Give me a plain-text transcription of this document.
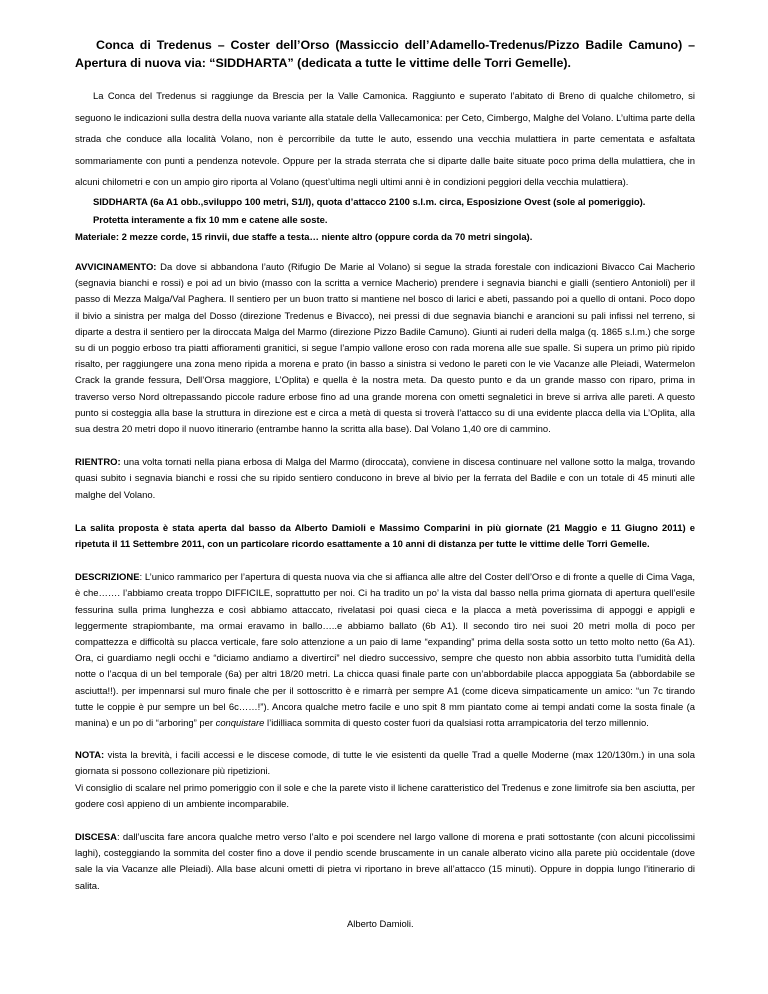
Conca di Tredenus – Coster dell’Orso (Massiccio dell’Adamello-Tredenus/Pizzo Badile Camuno) – Apertura di nuova via: “SIDDHARTA” (dedicata a tutte le vittime delle Torri Gemelle).

La Conca del Tredenus si raggiunge da Brescia per la Valle Camonica. Raggiunto e superato l’abitato di Breno di qualche chilometro, si seguono le indicazioni sulla destra della nuova variante alla statale della Vallecamonica: per Ceto, Cimbergo, Malghe del Volano. L’ultima parte della strada che conduce alla località Volano, non è percorribile da tutte le auto, essendo una vecchia mulattiera in parte cementata e asfaltata sommariamente con punti a pendenza notevole. Oppure per la strada sterrata che si diparte dalle baite situate poco prima della mulattiera, che in alcuni chilometri e con un ampio giro riporta al Volano (quest’ultima negli ultimi anni è in condizioni peggiori della vecchia mulattiera).

SIDDHARTA (6a A1 obb.,sviluppo 100 metri, S1/I), quota d’attacco 2100 s.l.m. circa, Esposizione Ovest (sole al pomeriggio).

Protetta interamente a fix 10 mm e catene alle soste.

Materiale: 2 mezze corde, 15 rinvii, due staffe a testa… niente altro (oppure corda da 70 metri singola).

AVVICINAMENTO: Da dove si abbandona l’auto (Rifugio De Marie al Volano) si segue la strada forestale con indicazioni Bivacco Cai Macherio (segnavia bianchi e rossi) e poi ad un bivio (masso con la scritta a vernice Macherio) prendere i segnavia bianchi e gialli (sentiero Antonioli) per il passo di Mezza Malga/Val Paghera. Il sentiero per un buon tratto si mantiene nel bosco di larici e abeti, passando poi a quello di ontani. Poco dopo il bivio a sinistra per malga del Dosso (direzione Tredenus e Bivacco), nei pressi di due segnavia bianchi e arancioni su pali infissi nel terreno, si diparte a destra il sentiero per la diroccata Malga del Marmo (direzione Pizzo Badile Camuno). Giunti ai ruderi della malga (q. 1865 s.l.m.) che sorge su di un poggio erboso tra piatti affioramenti granitici, si segue l’ampio vallone eroso con rada morena alle sue spalle. Si supera un primo più ripido risalto, per raggiungere una zona meno ripida a morena e prato (in basso a sinistra si vedono le pareti con le vie Vacanze alle Pleiadi, Watermelon Crack la grande fessura, Dell’Orsa maggiore, L’Oplita) e quella è la nostra meta. Da questo punto e da un grande masso con riparo, prima in traverso verso Nord oltrepassando piccole radure erbose fino ad una grande morena con ometti segnaletici in breve si arriva alle pareti. A questo punto si costeggia alla base la struttura in direzione est e circa a metà di questa si troverà l’attacco su di una evidente placca della via L’Oplita, alla sua destra 20 metri dopo il nuovo itinerario (entrambe hanno la scritta alla base). Dal Volano 1,40 ore di cammino.

RIENTRO: una volta tornati nella piana erbosa di Malga del Marmo (diroccata), conviene in discesa continuare nel vallone sotto la malga, trovando quasi subito i segnavia bianchi e rossi che su ripido sentiero conducono in breve al bivio per la ferrata del Badile e con un totale di 45 minuti alle malghe del Volano.

La salita proposta è stata aperta dal basso da Alberto Damioli e Massimo Comparini in più giornate (21 Maggio e 11 Giugno 2011) e ripetuta il 11 Settembre 2011, con un particolare ricordo esattamente a 10 anni di distanza per tutte le vittime delle Torri Gemelle.

DESCRIZIONE: L’unico rammarico per l’apertura di questa nuova via che si affianca alle altre del Coster dell’Orso e di fronte a quelle di Cima Vaga, è che……. l’abbiamo creata troppo DIFFICILE, soprattutto per noi. Ci ha tradito un po’ la vista dal basso nella prima giornata di apertura quell’esile fessurina sulla prima lunghezza e così abbiamo attaccato, rivelatasi poi quasi cieca e la placca a metà poverissima di appoggi e appigli e leggermente strapiombante, ma ormai eravamo in ballo…..e abbiamo ballato (6b A1). Il secondo tiro nei suoi 20 metri molla di poco per compattezza e difficoltà su placca verticale, fare solo attenzione a un paio di lame “expanding” prima della sosta sotto un tetto molto netto (6a A1). Ora, ci guardiamo negli occhi e “diciamo andiamo a divertirci” nel diedro successivo, sempre che questo non abbia assorbito tutta l’umidità della notte o l’acqua di un bel temporale (6a) per altri 18/20 metri. La chicca quasi finale parte con un’abbordabile placca appoggiata 5a (abbordabile se asciutta!!). per impennarsi sul muro finale che per il sottoscritto è e rimarrà per sempre A1 (come diceva simpaticamente un amico: “un 7c tirando tutte le coppie è pur sempre un bel 6c……!”). Ancora qualche metro facile e uno spit 8 mm piantato come ai tempi andati come la sosta finale (a manina) e un po di “arboring” per conquistare l’idilliaca sommita di questo coster fuori da qualsiasi rotta arrampicatoria del terzo millennio.

NOTA: vista la brevità, i facili accessi e le discese comode, di tutte le vie esistenti da quelle Trad a quelle Moderne (max 120/130m.) in una sola giornata si possono collezionare più ripetizioni.

Vi consiglio di scalare nel primo pomeriggio con il sole e che la parete visto il lichene caratteristico del Tredenus e zone limitrofe sia ben asciutta, per godere così appieno di un ambiente incomparabile.

DISCESA: dall’uscita fare ancora qualche metro verso l’alto e poi scendere nel largo vallone di morena e prati sottostante (con alcuni piccolissimi laghi), costeggiando la sommita del coster fino a dove il pendio scende bruscamente in un canale alberato vicino alla parete più occidentale (dove sale la via Vacanze alle Pleiadi). Alla base alcuni ometti di pietra vi riportano in breve all’attacco (15 minuti). Oppure in doppia lungo l’itinerario di salita.

Alberto Damioli.
